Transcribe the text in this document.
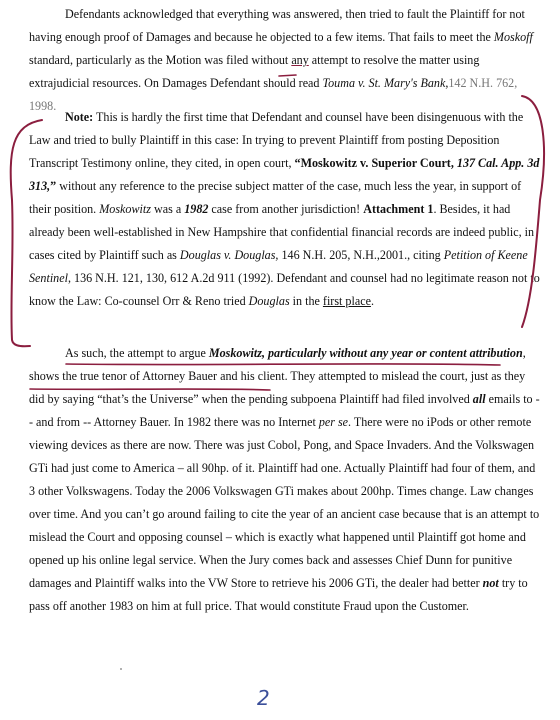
Defendants acknowledged that everything was answered, then tried to fault the Plaintiff for not having enough proof of Damages and because he objected to a few items. That fails to meet the Moskoff standard, particularly as the Motion was filed without any attempt to resolve the matter using extrajudicial resources. On Damages Defendant should read Touma v. St. Mary's Bank,142 N.H. 762, 1998.

Note: This is hardly the first time that Defendant and counsel have been disingenuous with the Law and tried to bully Plaintiff in this case: In trying to prevent Plaintiff from posting Deposition Transcript Testimony online, they cited, in open court, “Moskowitz v. Superior Court, 137 Cal. App. 3d 313,” without any reference to the precise subject matter of the case, much less the year, in support of their position. Moskowitz was a 1982 case from another jurisdiction! Attachment 1. Besides, it had already been well-established in New Hampshire that confidential financial records are indeed public, in cases cited by Plaintiff such as Douglas v. Douglas, 146 N.H. 205, N.H.,2001., citing Petition of Keene Sentinel, 136 N.H. 121, 130, 612 A.2d 911 (1992). Defendant and counsel had no legitimate reason not to know the Law: Co-counsel Orr & Reno tried Douglas in the first place.

As such, the attempt to argue Moskowitz, particularly without any year or content attribution, shows the true tenor of Attorney Bauer and his client. They attempted to mislead the court, just as they did by saying “that’s the Universe” when the pending subpoena Plaintiff had filed involved all emails to -- and from -- Attorney Bauer. In 1982 there was no Internet per se. There were no iPods or other remote viewing devices as there are now. There was just Cobol, Pong, and Space Invaders. And the Volkswagen GTi had just come to America – all 90hp. of it. Plaintiff had one. Actually Plaintiff had four of them, and 3 other Volkswagens. Today the 2006 Volkswagen GTi makes about 200hp. Times change. Law changes over time. And you can’t go around failing to cite the year of an ancient case because that is an attempt to mislead the Court and opposing counsel – which is exactly what happened until Plaintiff got home and opened up his online legal service. When the Jury comes back and assesses Chief Dunn for punitive damages and Plaintiff walks into the VW Store to retrieve his 2006 GTi, the dealer had better not try to pass off another 1983 on him at full price. That would constitute Fraud upon the Customer.

2
